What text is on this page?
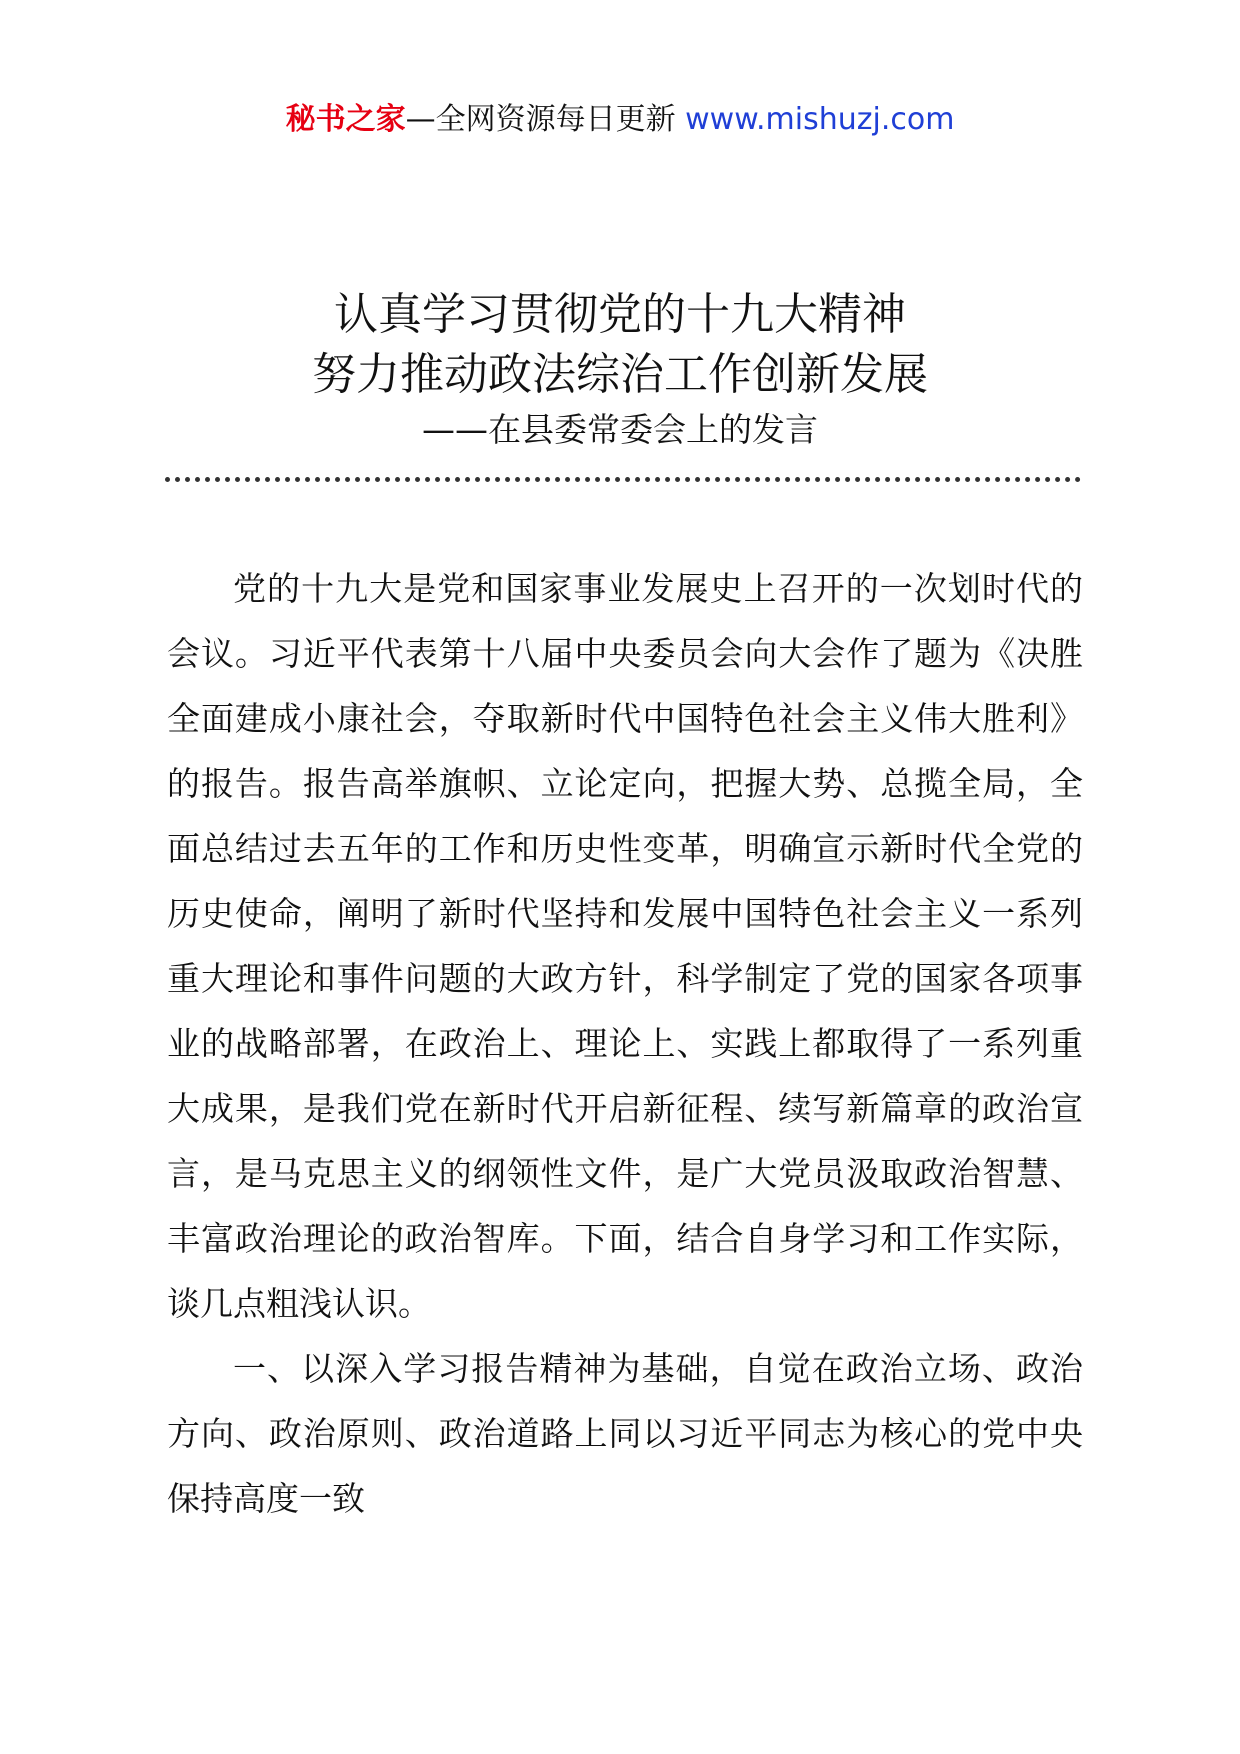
秘书之家—全网资源每日更新 www.mishuzj.com
认真学习贯彻党的十九大精神
努力推动政法综治工作创新发展
——在县委常委会上的发言

党的十九大是党和国家事业发展史上召开的一次划时代的会议。习近平代表第十八届中央委员会向大会作了题为《决胜全面建成小康社会，夺取新时代中国特色社会主义伟大胜利》的报告。报告高举旗帜、立论定向，把握大势、总揽全局，全面总结过去五年的工作和历史性变革，明确宣示新时代全党的历史使命，阐明了新时代坚持和发展中国特色社会主义一系列重大理论和事件问题的大政方针，科学制定了党的国家各项事业的战略部署，在政治上、理论上、实践上都取得了一系列重大成果，是我们党在新时代开启新征程、续写新篇章的政治宣言，是马克思主义的纲领性文件，是广大党员汲取政治智慧、丰富政治理论的政治智库。下面，结合自身学习和工作实际，谈几点粗浅认识。

一、以深入学习报告精神为基础，自觉在政治立场、政治方向、政治原则、政治道路上同以习近平同志为核心的党中央保持高度一致
